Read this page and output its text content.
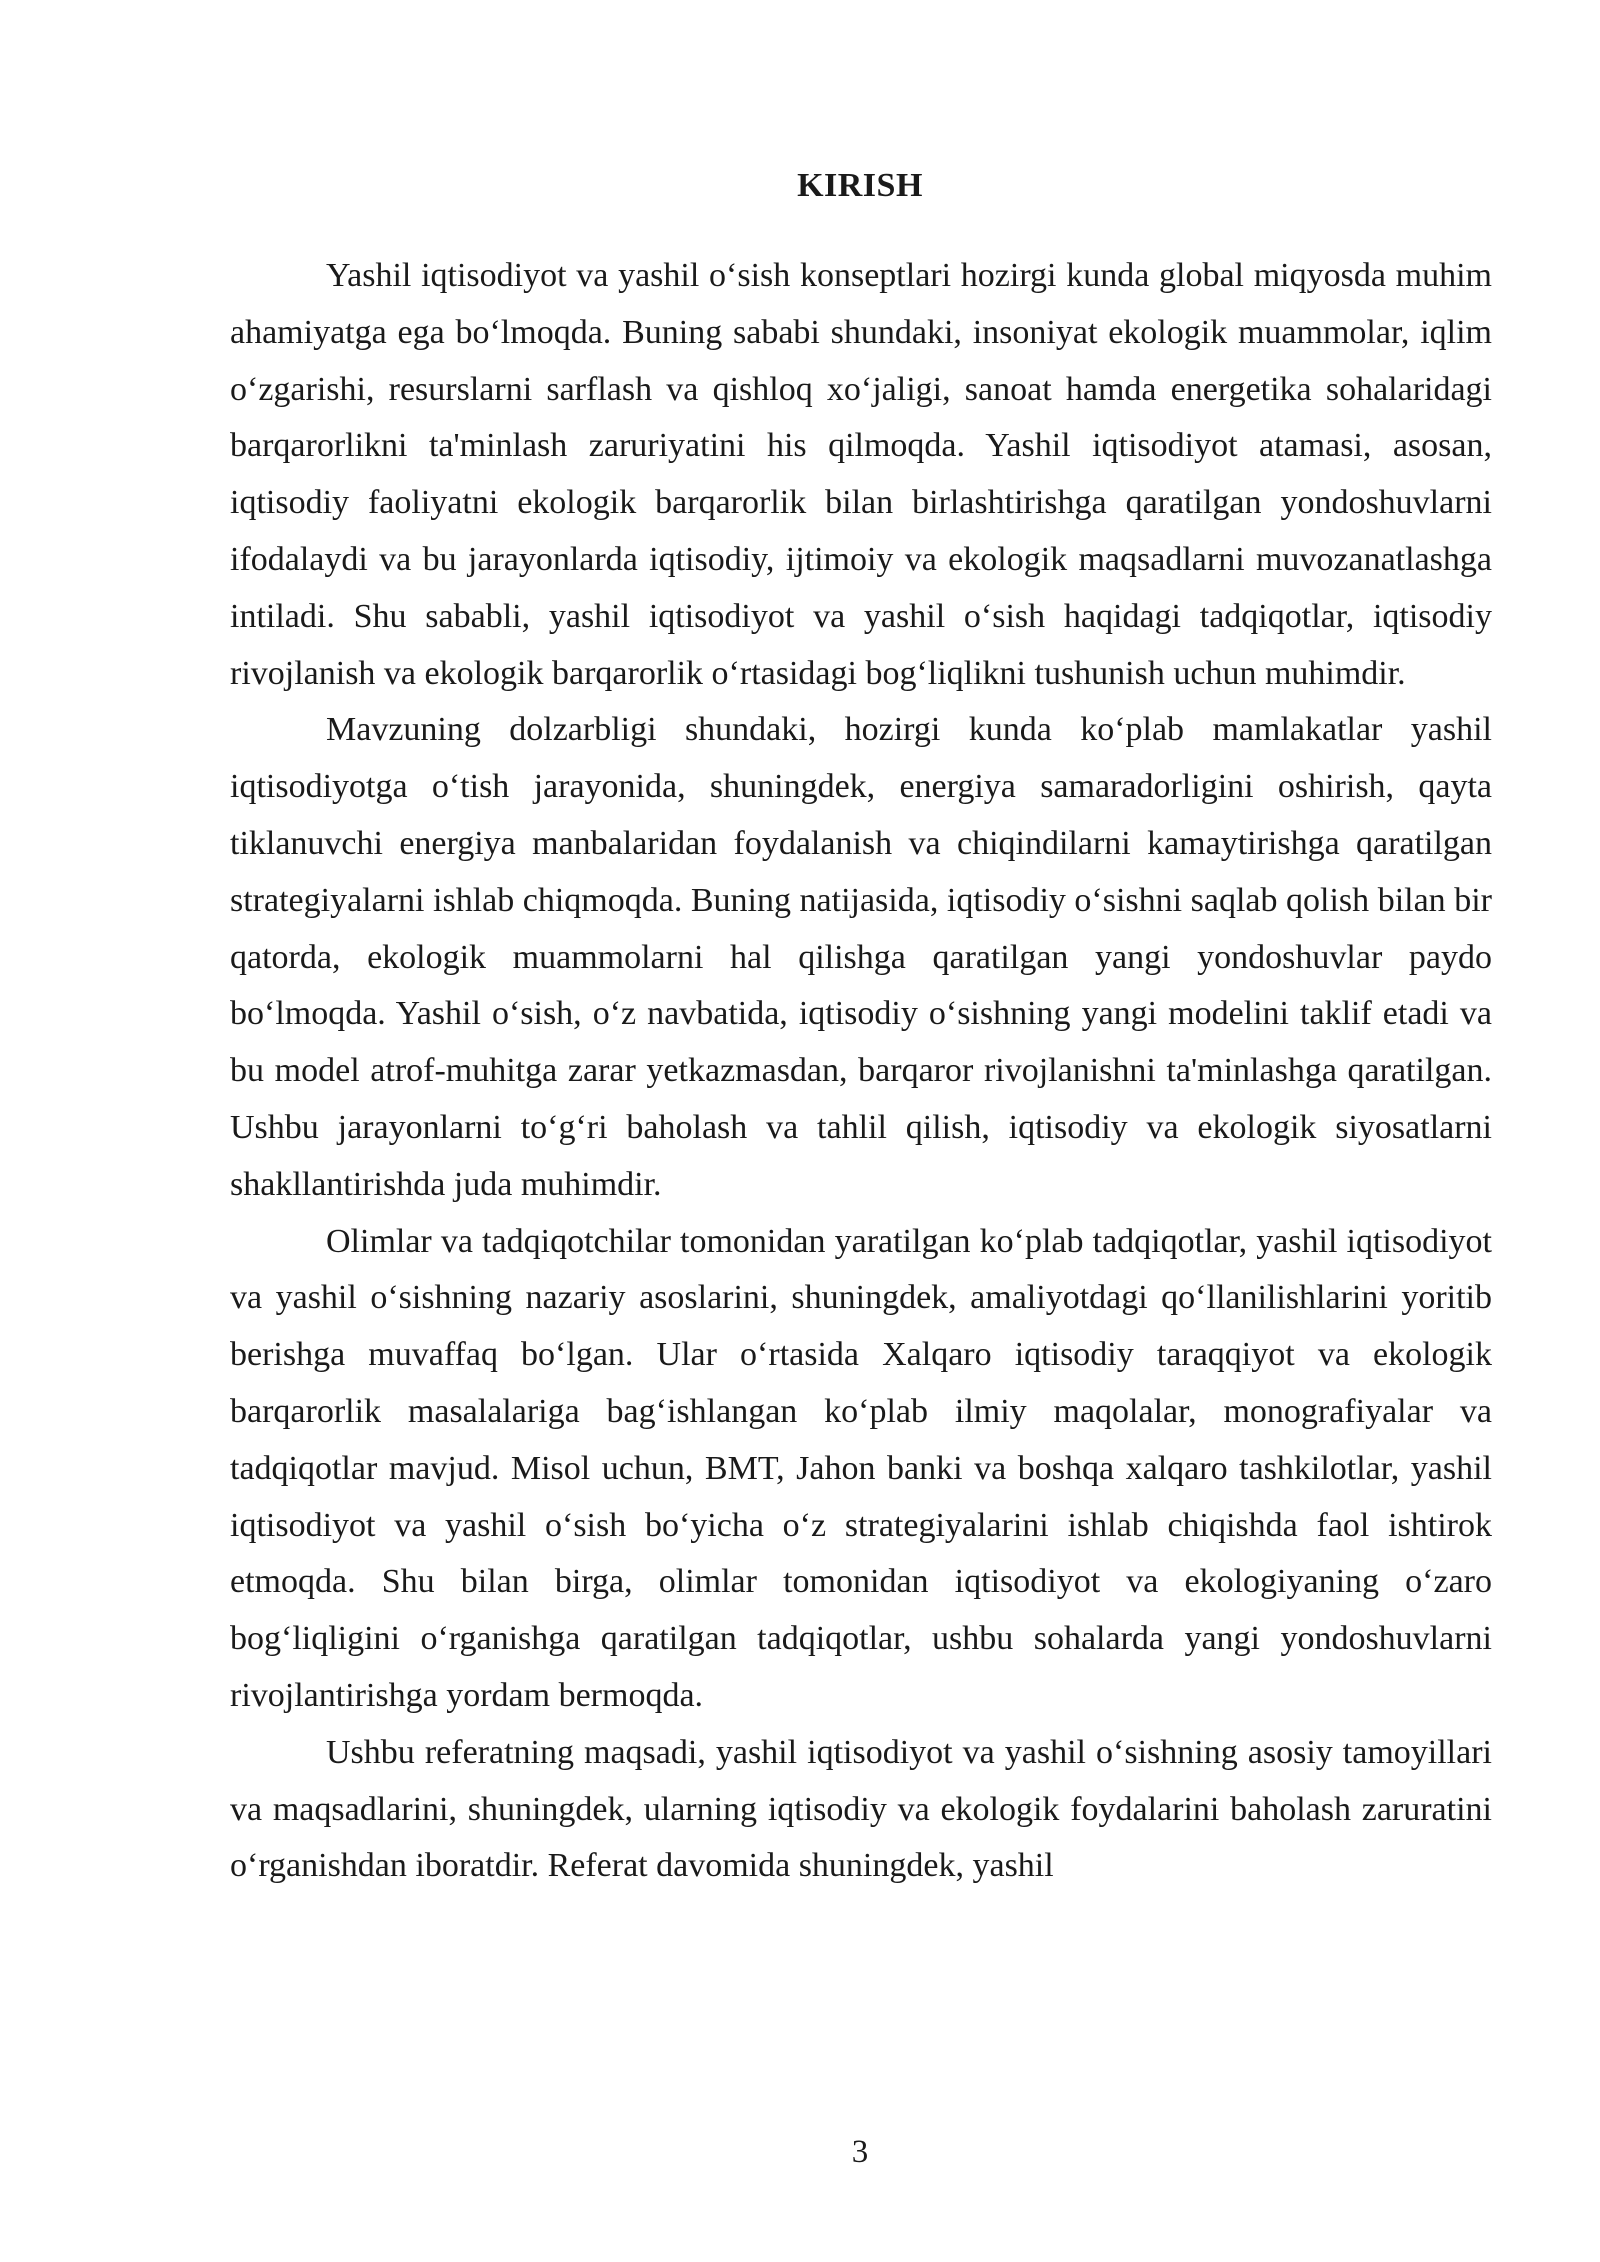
KIRISH

Yashil iqtisodiyot va yashil o‘sish konseptlari hozirgi kunda global miqyosda muhim ahamiyatga ega bo‘lmoqda. Buning sababi shundaki, insoniyat ekologik muammolar, iqlim o‘zgarishi, resurslarni sarflash va qishloq xo‘jaligi, sanoat hamda energetika sohalaridagi barqarorlikni ta'minlash zaruriyatini his qilmoqda. Yashil iqtisodiyot atamasi, asosan, iqtisodiy faoliyatni ekologik barqarorlik bilan birlashtirishga qaratilgan yondoshuvlarni ifodalaydi va bu jarayonlarda iqtisodiy, ijtimoiy va ekologik maqsadlarni muvozanatlashga intiladi. Shu sababli, yashil iqtisodiyot va yashil o‘sish haqidagi tadqiqotlar, iqtisodiy rivojlanish va ekologik barqarorlik o‘rtasidagi bog‘liqlikni tushunish uchun muhimdir.

Mavzuning dolzarbligi shundaki, hozirgi kunda ko‘plab mamlakatlar yashil iqtisodiyotga o‘tish jarayonida, shuningdek, energiya samaradorligini oshirish, qayta tiklanuvchi energiya manbalaridan foydalanish va chiqindilarni kamaytirishga qaratilgan strategiyalarni ishlab chiqmoqda. Buning natijasida, iqtisodiy o‘sishni saqlab qolish bilan bir qatorda, ekologik muammolarni hal qilishga qaratilgan yangi yondoshuvlar paydo bo‘lmoqda. Yashil o‘sish, o‘z navbatida, iqtisodiy o‘sishning yangi modelini taklif etadi va bu model atrof-muhitga zarar yetkazmasdan, barqaror rivojlanishni ta'minlashga qaratilgan. Ushbu jarayonlarni to‘g‘ri baholash va tahlil qilish, iqtisodiy va ekologik siyosatlarni shakllantirishda juda muhimdir.

Olimlar va tadqiqotchilar tomonidan yaratilgan ko‘plab tadqiqotlar, yashil iqtisodiyot va yashil o‘sishning nazariy asoslarini, shuningdek, amaliyotdagi qo‘llanilishlarini yoritib berishga muvaffaq bo‘lgan. Ular o‘rtasida Xalqaro iqtisodiy taraqqiyot va ekologik barqarorlik masalalariga bag‘ishlangan ko‘plab ilmiy maqolalar, monografiyalar va tadqiqotlar mavjud. Misol uchun, BMT, Jahon banki va boshqa xalqaro tashkilotlar, yashil iqtisodiyot va yashil o‘sish bo‘yicha o‘z strategiyalarini ishlab chiqishda faol ishtirok etmoqda. Shu bilan birga, olimlar tomonidan iqtisodiyot va ekologiyaning o‘zaro bog‘liqligini o‘rganishga qaratilgan tadqiqotlar, ushbu sohalarda yangi yondoshuvlarni rivojlantirishga yordam bermoqda.

Ushbu referatning maqsadi, yashil iqtisodiyot va yashil o‘sishning asosiy tamoyillari va maqsadlarini, shuningdek, ularning iqtisodiy va ekologik foydalarini baholash zaruratini o‘rganishdan iboratdir. Referat davomida shuningdek, yashil

3
